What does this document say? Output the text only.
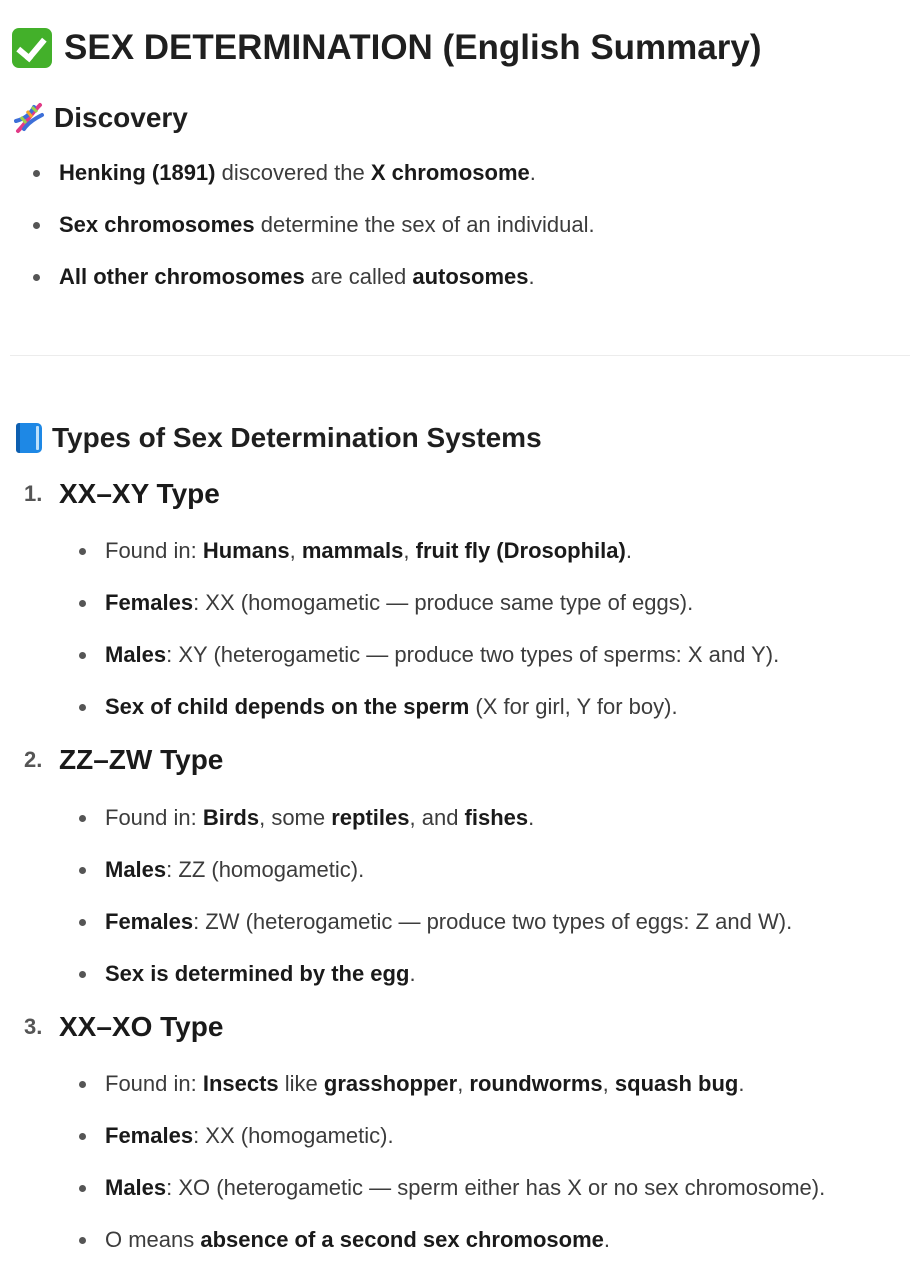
SEX DETERMINATION (English Summary)
Discovery
Henking (1891) discovered the X chromosome.
Sex chromosomes determine the sex of an individual.
All other chromosomes are called autosomes.
Types of Sex Determination Systems
1. XX–XY Type
Found in: Humans, mammals, fruit fly (Drosophila).
Females: XX (homogametic — produce same type of eggs).
Males: XY (heterogametic — produce two types of sperms: X and Y).
Sex of child depends on the sperm (X for girl, Y for boy).
2. ZZ–ZW Type
Found in: Birds, some reptiles, and fishes.
Males: ZZ (homogametic).
Females: ZW (heterogametic — produce two types of eggs: Z and W).
Sex is determined by the egg.
3. XX–XO Type
Found in: Insects like grasshopper, roundworms, squash bug.
Females: XX (homogametic).
Males: XO (heterogametic — sperm either has X or no sex chromosome).
O means absence of a second sex chromosome.
